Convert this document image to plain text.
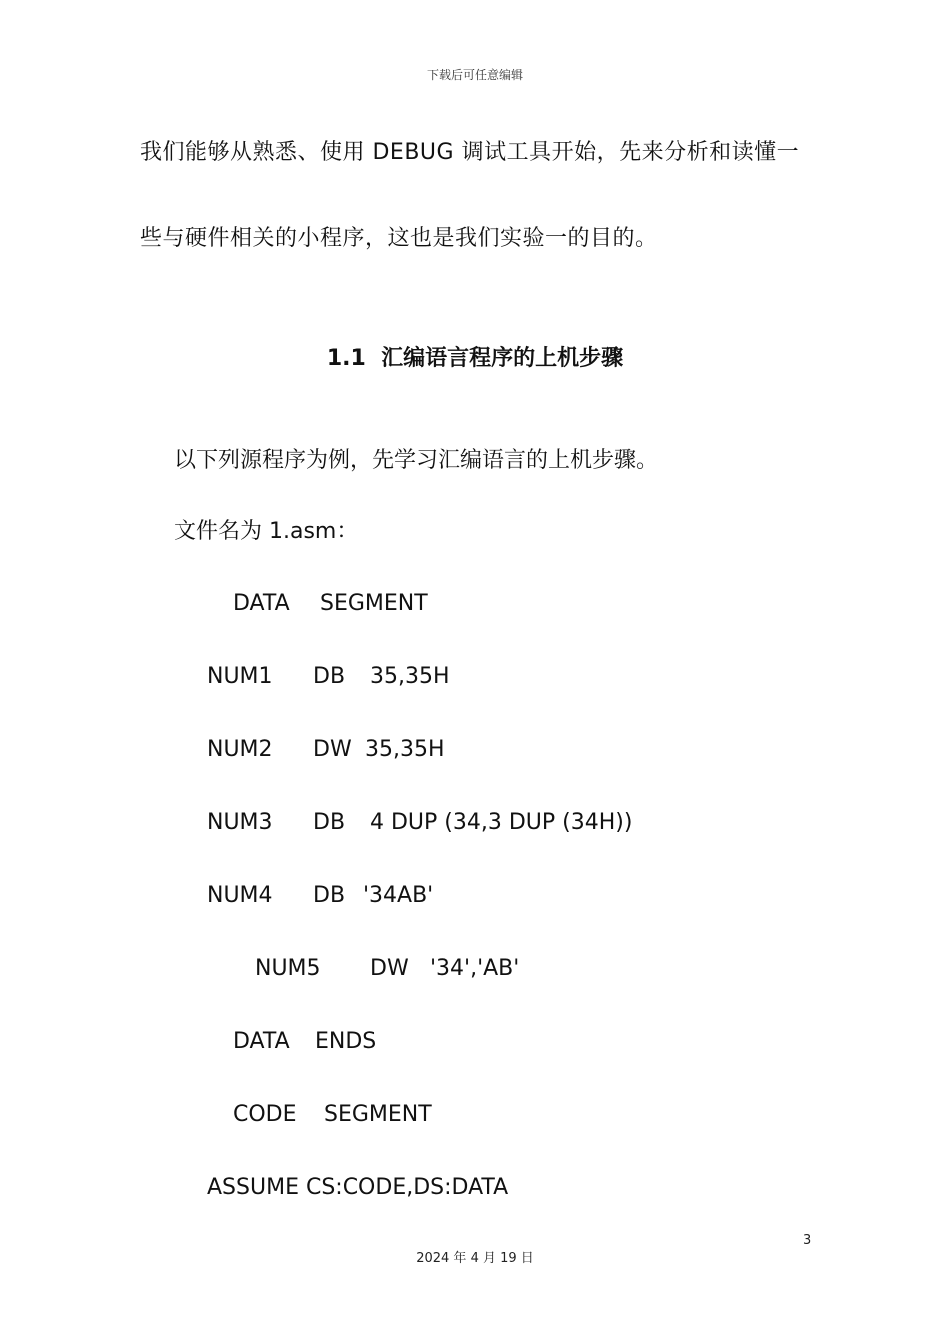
下载后可任意编辑
我们能够从熟悉、使用 DEBUG 调试工具开始，先来分析和读懂一
些与硬件相关的小程序，这也是我们实验一的目的。
1.1  汇编语言程序的上机步骤
以下列源程序为例，先学习汇编语言的上机步骤。
文件名为 1.asm：
DATA SEGMENT
NUM1 DB 35,35H
NUM2 DW 35,35H
NUM3 DB 4 DUP (34,3 DUP (34H))
NUM4 DB '34AB'
NUM5 DW '34','AB'
DATA ENDS
CODE SEGMENT
ASSUME CS:CODE,DS:DATA
3
2024 年 4 月 19 日
